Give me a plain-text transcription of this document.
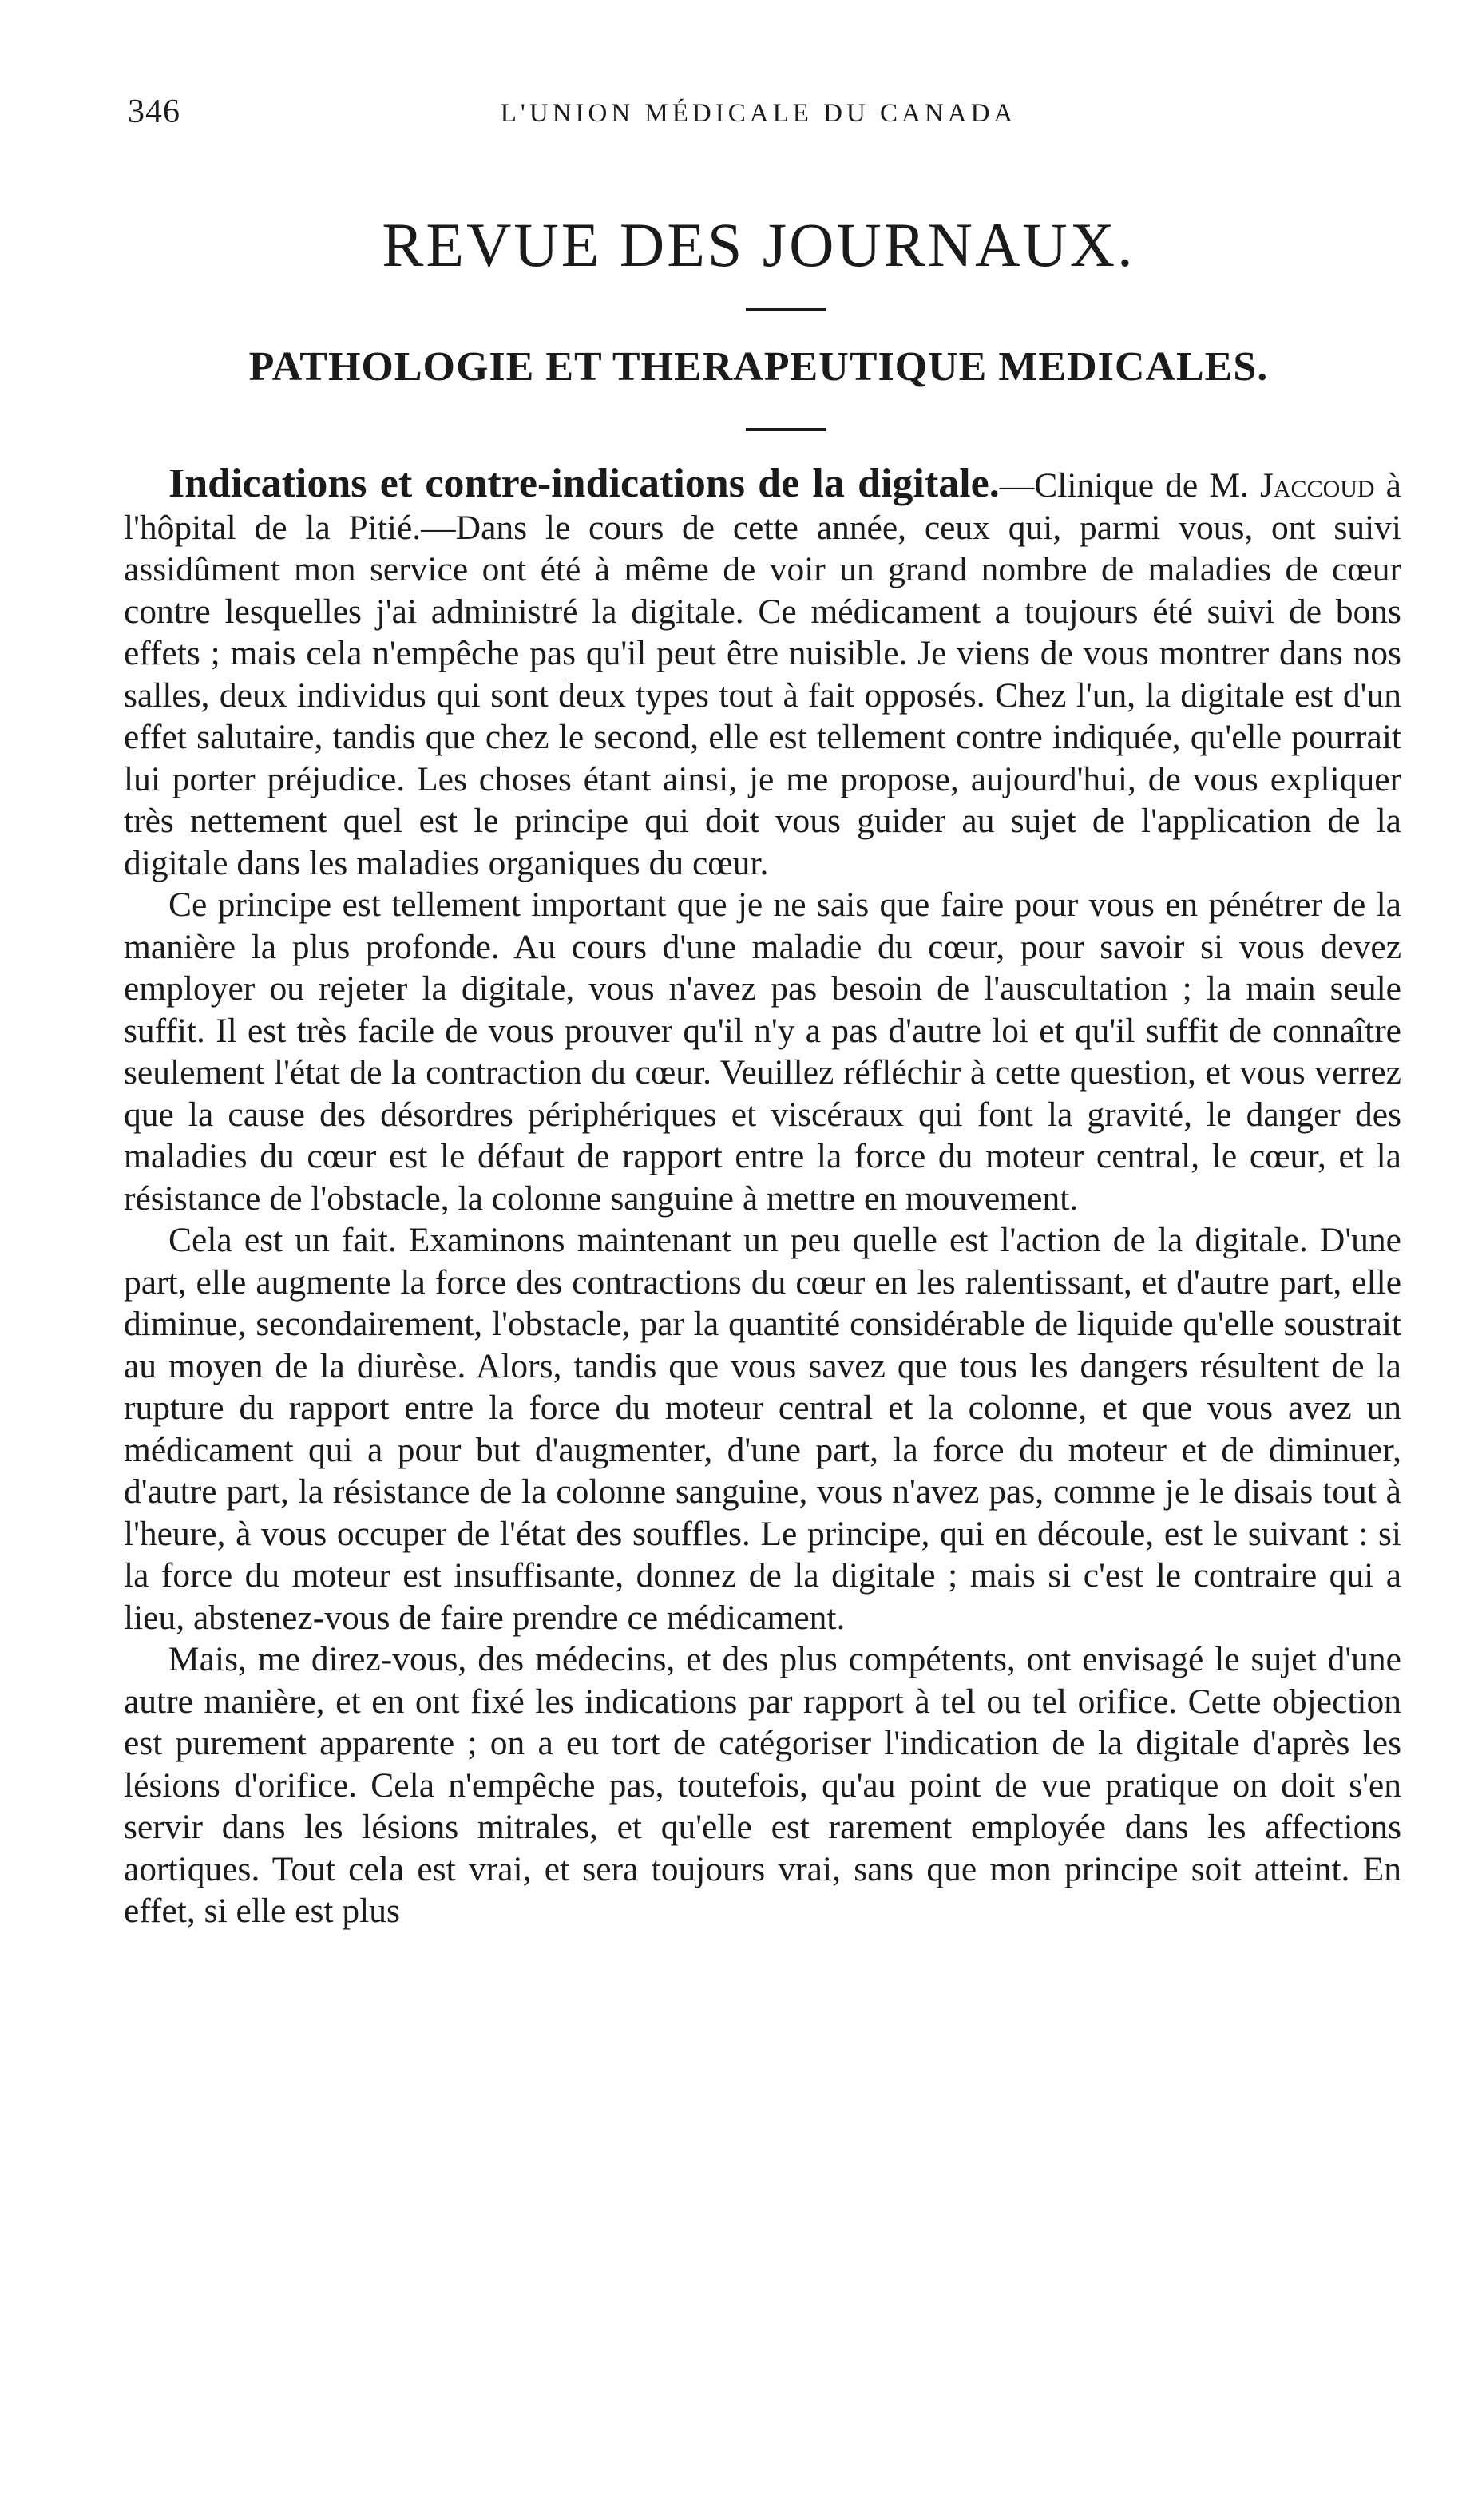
346	L'UNION MÉDICALE DU CANADA
REVUE DES JOURNAUX.
PATHOLOGIE ET THERAPEUTIQUE MEDICALES.

Indications et contre-indications de la digitale.—Clinique de M. Jaccoud à l'hôpital de la Pitié.—Dans le cours de cette année, ceux qui, parmi vous, ont suivi assidûment mon service ont été à même de voir un grand nombre de maladies de cœur contre lesquelles j'ai administré la digitale. Ce médicament a toujours été suivi de bons effets ; mais cela n'empêche pas qu'il peut être nuisible. Je viens de vous montrer dans nos salles, deux individus qui sont deux types tout à fait opposés. Chez l'un, la digitale est d'un effet salutaire, tandis que chez le second, elle est tellement contre indiquée, qu'elle pourrait lui porter préjudice. Les choses étant ainsi, je me propose, aujourd'hui, de vous expliquer très nettement quel est le principe qui doit vous guider au sujet de l'application de la digitale dans les maladies organiques du cœur.

Ce principe est tellement important que je ne sais que faire pour vous en pénétrer de la manière la plus profonde. Au cours d'une maladie du cœur, pour savoir si vous devez employer ou rejeter la digitale, vous n'avez pas besoin de l'auscultation ; la main seule suffit. Il est très facile de vous prouver qu'il n'y a pas d'autre loi et qu'il suffit de connaître seulement l'état de la contraction du cœur. Veuillez réfléchir à cette question, et vous verrez que la cause des désordres périphériques et viscéraux qui font la gravité, le danger des maladies du cœur est le défaut de rapport entre la force du moteur central, le cœur, et la résistance de l'obstacle, la colonne sanguine à mettre en mouvement.

Cela est un fait. Examinons maintenant un peu quelle est l'action de la digitale. D'une part, elle augmente la force des contractions du cœur en les ralentissant, et d'autre part, elle diminue, secondairement, l'obstacle, par la quantité considérable de liquide qu'elle soustrait au moyen de la diurèse. Alors, tandis que vous savez que tous les dangers résultent de la rupture du rapport entre la force du moteur central et la colonne, et que vous avez un médicament qui a pour but d'augmenter, d'une part, la force du moteur et de diminuer, d'autre part, la résistance de la colonne sanguine, vous n'avez pas, comme je le disais tout à l'heure, à vous occuper de l'état des souffles. Le principe, qui en découle, est le suivant : si la force du moteur est insuffisante, donnez de la digitale ; mais si c'est le contraire qui a lieu, abstenez-vous de faire prendre ce médicament.

Mais, me direz-vous, des médecins, et des plus compétents, ont envisagé le sujet d'une autre manière, et en ont fixé les indications par rapport à tel ou tel orifice. Cette objection est purement apparente ; on a eu tort de catégoriser l'indication de la digitale d'après les lésions d'orifice. Cela n'empêche pas, toutefois, qu'au point de vue pratique on doit s'en servir dans les lésions mitrales, et qu'elle est rarement employée dans les affections aortiques. Tout cela est vrai, et sera toujours vrai, sans que mon principe soit atteint. En effet, si elle est plus
